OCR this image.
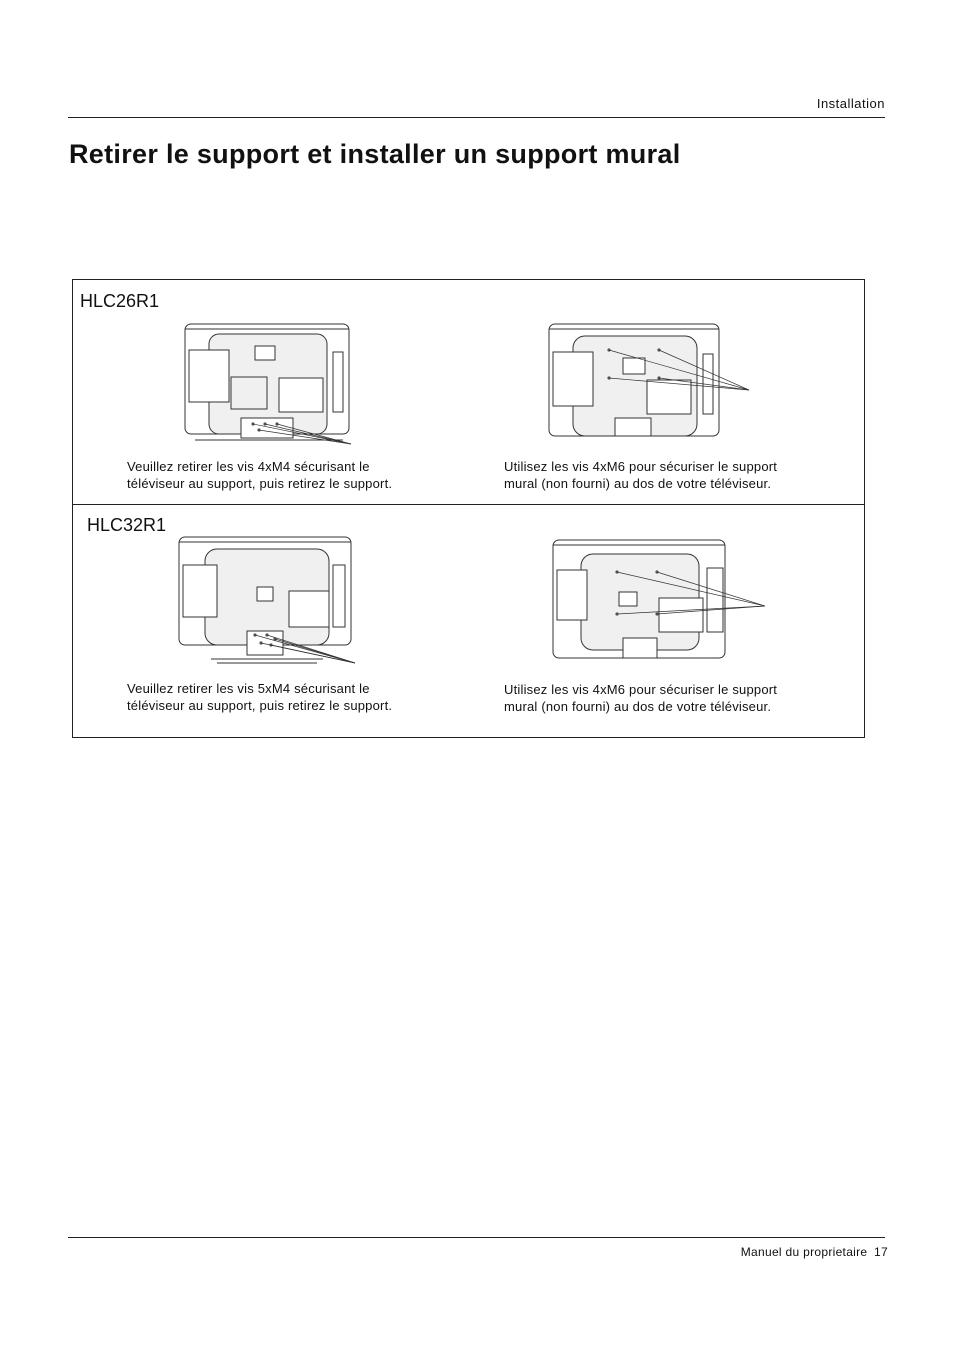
Installation
Retirer le support et installer un support mural
HLC26R1
Veuillez retirer les vis 4xM4 sécurisant le
téléviseur au support, puis retirez le support.
Utilisez les vis 4xM6 pour sécuriser le support
mural (non fourni) au dos de votre téléviseur.
HLC32R1
Veuillez retirer les vis 5xM4 sécurisant le
téléviseur au support, puis retirez le support.
Utilisez les vis 4xM6 pour sécuriser le support
mural (non fourni) au dos de votre téléviseur.
Manuel du proprietaire 17
